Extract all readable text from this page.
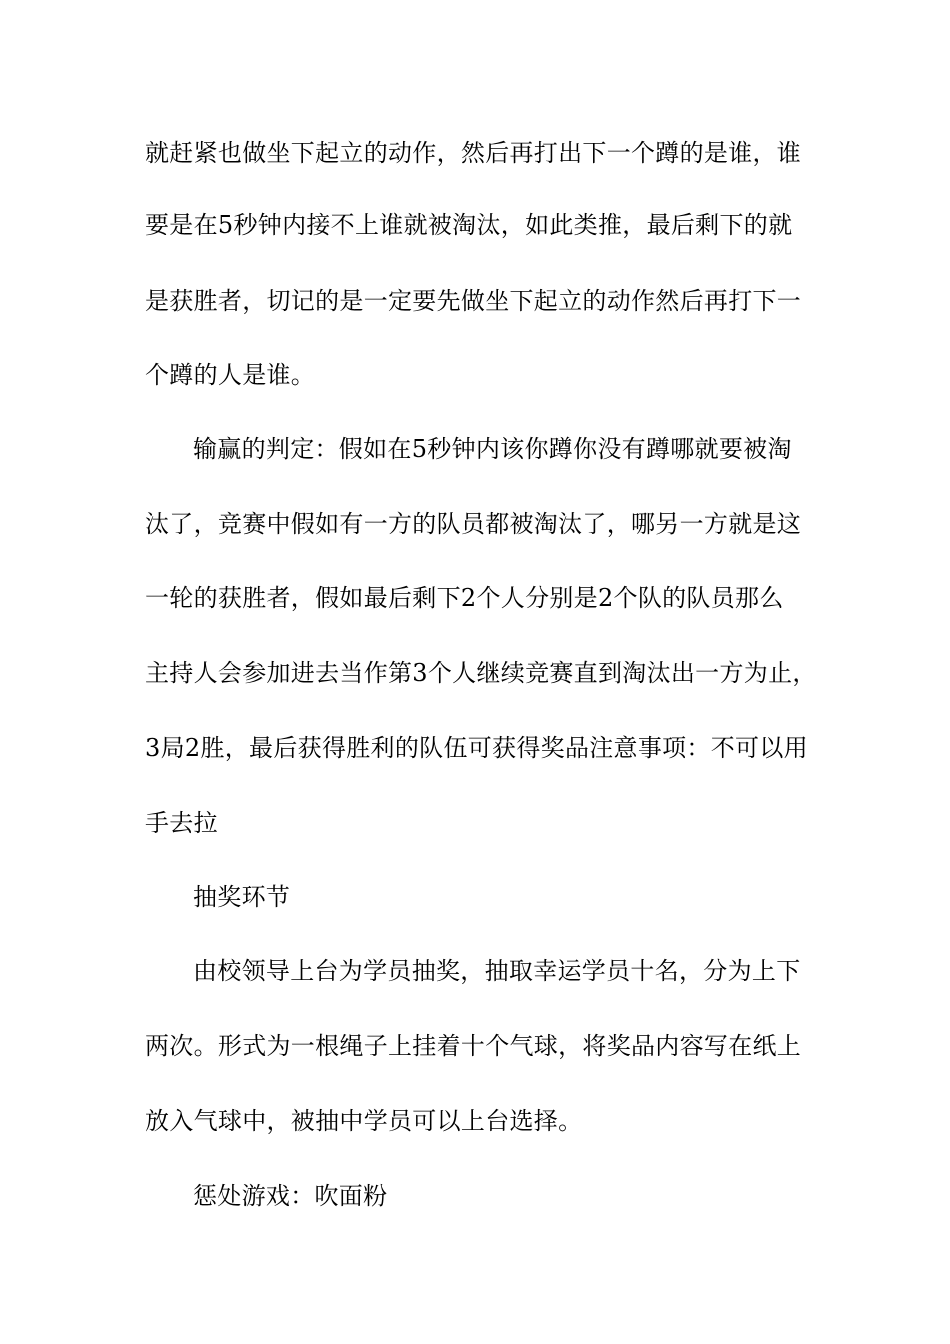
就赶紧也做坐下起立的动作，然后再打出下一个蹲的是谁，谁
要是在5秒钟内接不上谁就被淘汰，如此类推，最后剩下的就
是获胜者，切记的是一定要先做坐下起立的动作然后再打下一
个蹲的人是谁。
输赢的判定：假如在5秒钟内该你蹲你没有蹲哪就要被淘
汰了，竞赛中假如有一方的队员都被淘汰了，哪另一方就是这
一轮的获胜者，假如最后剩下2个人分别是2个队的队员那么
主持人会参加进去当作第3个人继续竞赛直到淘汰出一方为止，
3局2胜，最后获得胜利的队伍可获得奖品注意事项：不可以用
手去拉
抽奖环节
由校领导上台为学员抽奖，抽取幸运学员十名，分为上下
两次。形式为一根绳子上挂着十个气球，将奖品内容写在纸上
放入气球中，被抽中学员可以上台选择。
惩处游戏：吹面粉
